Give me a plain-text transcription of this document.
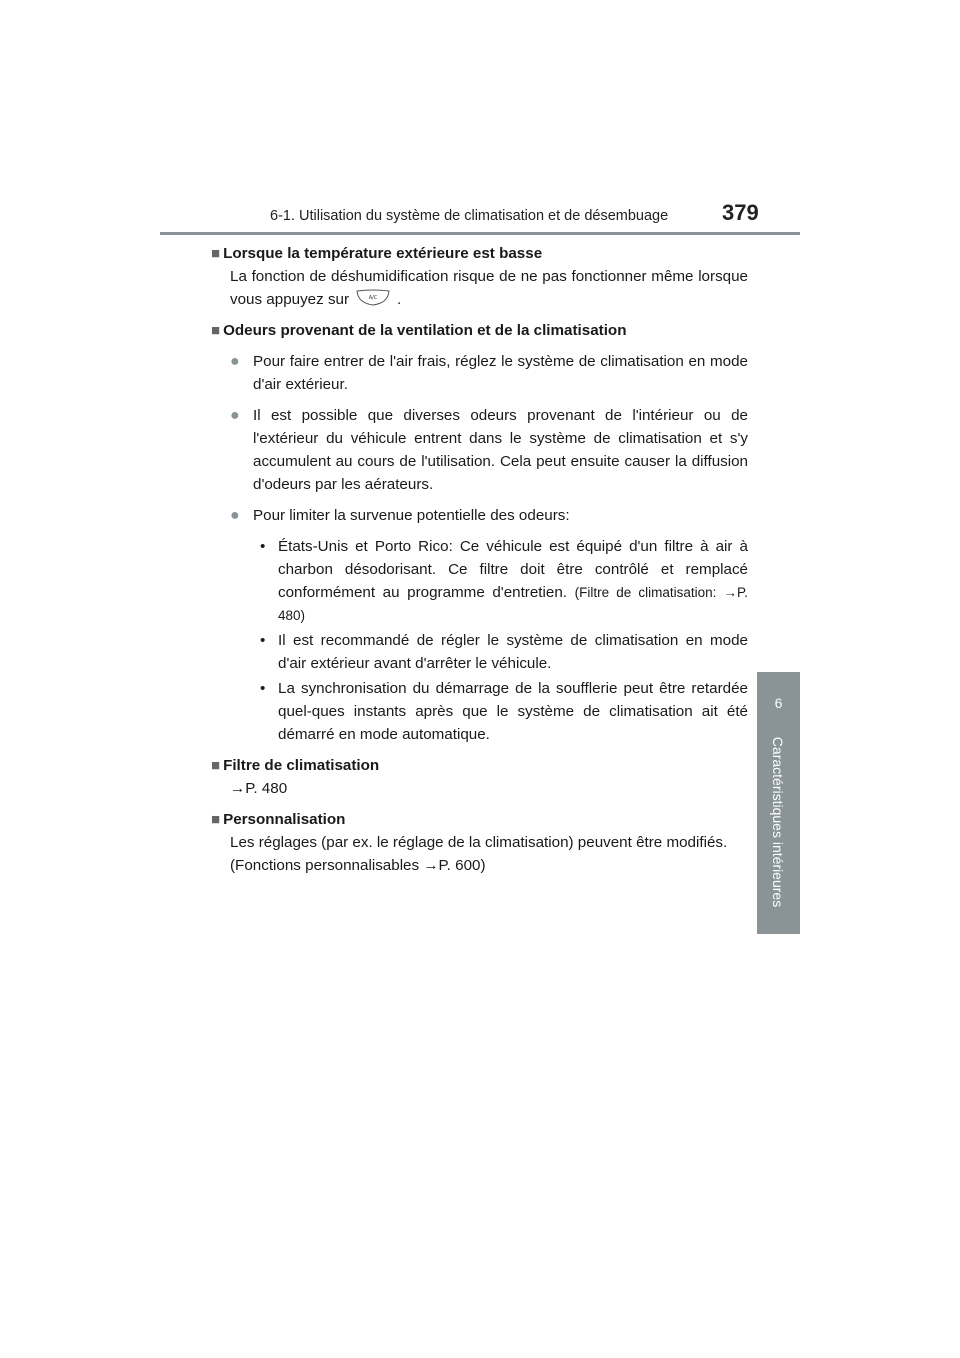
6-1. Utilisation du système de climatisation et de désembuage 379
6
Caractéristiques intérieures
■ Lorsque la température extérieure est basse
La fonction de déshumidification risque de ne pas fonctionner même lorsque vous appuyez sur	A/C .
■ Odeurs provenant de la ventilation et de la climatisation
● Pour faire entrer de l'air frais, réglez le système de climatisation en mode d'air extérieur.
● Il est possible que diverses odeurs provenant de l'intérieur ou de l'extérieur du véhicule entrent dans le système de climatisation et s'y accumulent au cours de l'utilisation. Cela peut ensuite causer la diffusion d'odeurs par les aérateurs.
● Pour limiter la survenue potentielle des odeurs:
• États-Unis et Porto Rico: Ce véhicule est équipé d'un filtre à air à charbon désodorisant. Ce filtre doit être contrôlé et remplacé conformément au programme d'entretien. (Filtre de climatisation: →P. 480)
• Il est recommandé de régler le système de climatisation en mode d'air extérieur avant d'arrêter le véhicule.
• La synchronisation du démarrage de la soufflerie peut être retardée quel-ques instants après que le système de climatisation ait été démarré en mode automatique.
■ Filtre de climatisation
→P. 480
■ Personnalisation
Les réglages (par ex. le réglage de la climatisation) peuvent être modifiés.
(Fonctions personnalisables →P. 600)
